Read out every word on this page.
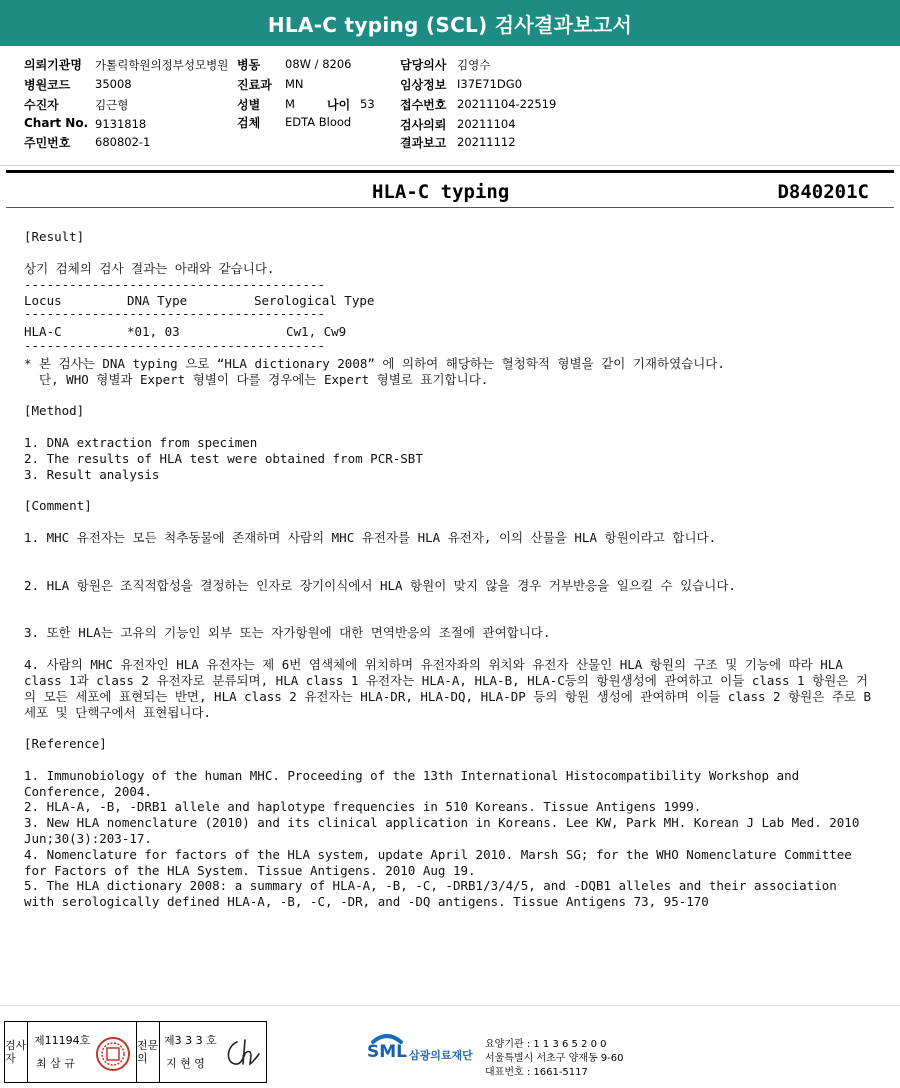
HLA-C typing (SCL) 검사결과보고서
의뢰기관명 가톨릭학원의정부성모병원
병원코드 35008
수진자	김근형
Chart No. 9131818
주민번호 680802-1
병동 08W / 8206
진료과 MN
성별 M	나이 53
검체 EDTA Blood
담당의사 김영수
임상정보 I37E71DG0
접수번호 20211104-22519
검사의뢰 20211104
결과보고 20211112
HLA-C typing	D840201C
[Result]
상기 검체의 검사 결과는 아래와 같습니다.
----------------------------------------
Locus	DNA Type	Serological Type
----------------------------------------
HLA-C	*01, 03	Cw1, Cw9
----------------------------------------
* 본 검사는 DNA typing 으로 “HLA dictionary 2008” 에 의하여 해당하는 혈청학적 형별을 같이 기재하였습니다.
단, WHO 형별과 Expert 형별이 다를 경우에는 Expert 형별로 표기합니다.
[Method]
1. DNA extraction from specimen
2. The results of HLA test were obtained from PCR-SBT
3. Result analysis
[Comment]
1. MHC 유전자는 모든 척추동물에 존재하며 사람의 MHC 유전자를 HLA 유전자, 이의 산물을 HLA 항원이라고 합니다.
2. HLA 항원은 조직적합성을 결정하는 인자로 장기이식에서 HLA 항원이 맞지 않을 경우 거부반응을 일으킬 수 있습니다.
3. 또한 HLA는 고유의 기능인 외부 또는 자가항원에 대한 면역반응의 조절에 관여합니다.
4. 사람의 MHC 유전자인 HLA 유전자는 제 6번 염색체에 위치하며 유전자좌의 위치와 유전자 산물인 HLA 항원의 구조 및 기능에 따라 HLA class 1과 class 2 유전자로 분류되며, HLA class 1 유전자는 HLA-A, HLA-B, HLA-C등의 항원생성에 관여하고 이들 class 1 항원은 거의 모든 세포에 표현되는 반면, HLA class 2 유전자는 HLA-DR, HLA-DQ, HLA-DP 등의 항원 생성에 관여하며 이들 class 2 항원은 주로 B세포 및 단핵구에서 표현됩니다.
[Reference]
1. Immunobiology of the human MHC. Proceeding of the 13th International Histocompatibility Workshop and Conference, 2004.
2. HLA-A, -B, -DRB1 allele and haplotype frequencies in 510 Koreans. Tissue Antigens 1999.
3. New HLA nomenclature (2010) and its clinical application in Koreans. Lee KW, Park MH. Korean J Lab Med. 2010 Jun;30(3):203-17.
4. Nomenclature for factors of the HLA system, update April 2010. Marsh SG; for the WHO Nomenclature Committee for Factors of the HLA System. Tissue Antigens. 2010 Aug 19.
5. The HLA dictionary 2008: a summary of HLA-A, -B, -C, -DRB1/3/4/5, and -DQB1 alleles and their association with serologically defined HLA-A, -B, -C, -DR, and -DQ antigens. Tissue Antigens 73, 95-170
검사자
제11194호
최 삼 규
전문의
제3 3 3 호
지 현 영
SML 삼광의료재단
요양기관 : 1 1 3 6 5 2 0 0
서울특별시 서초구 양재동 9-60
대표번호 : 1661-5117
